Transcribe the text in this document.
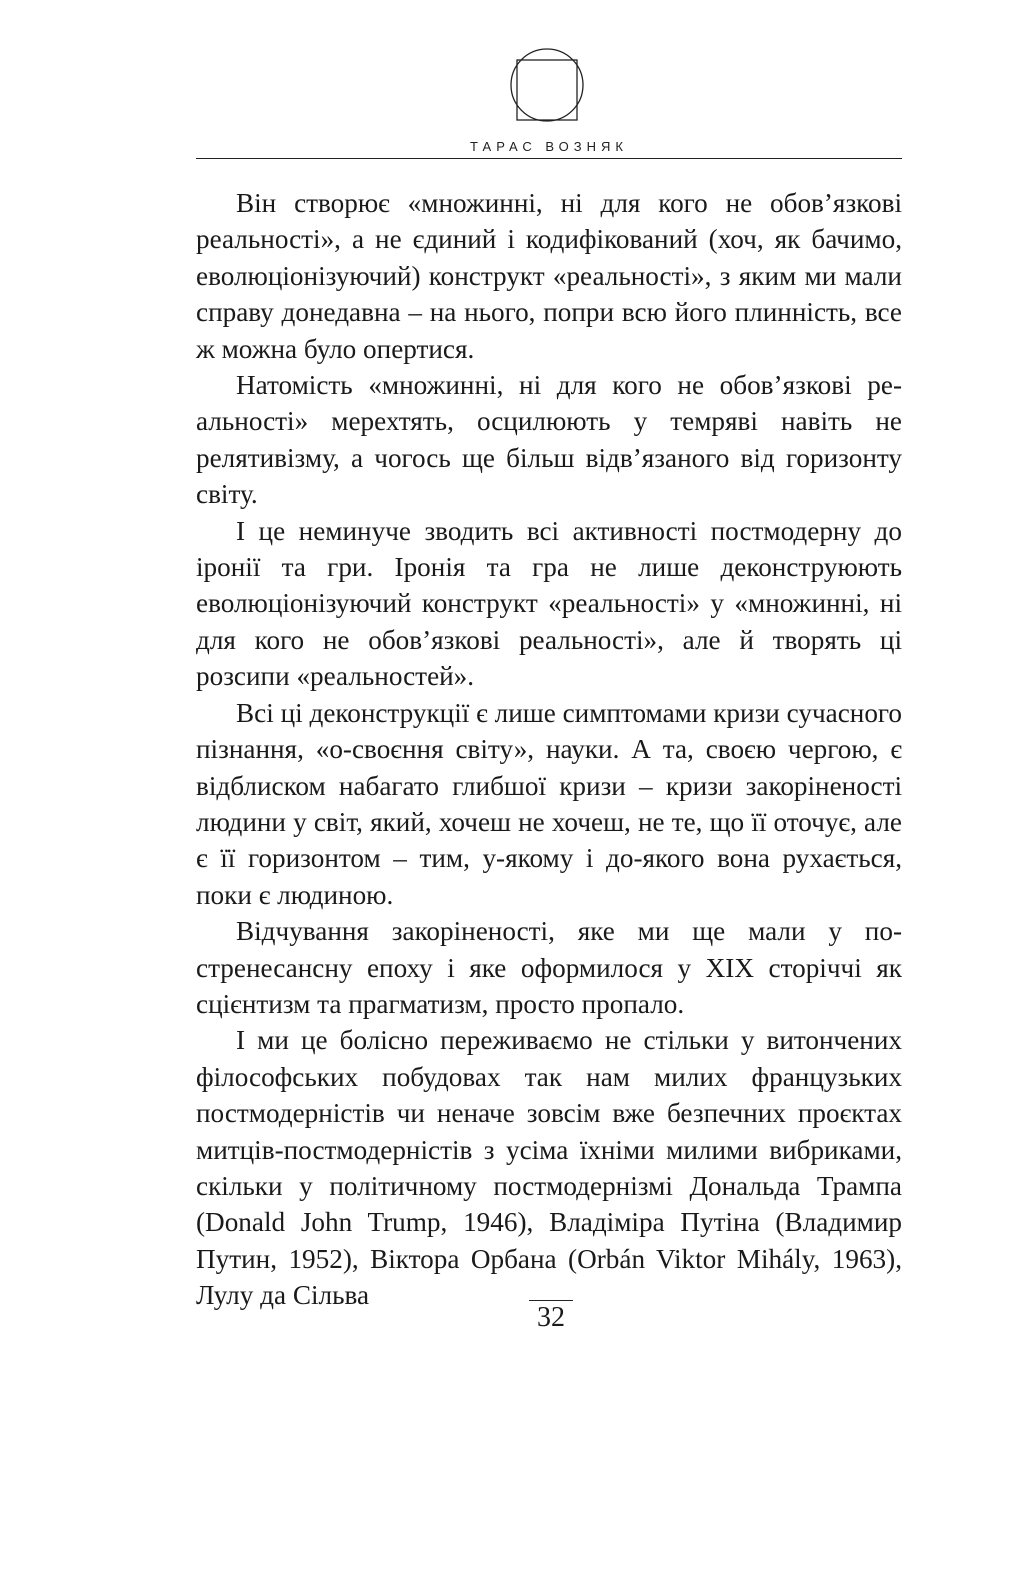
ТАРАС ВОЗНЯК

Він створює «множинні, ні для кого не обов’язкові реальності», а не єдиний і кодифікований (хоч, як бачимо, еволюціонізуючий) конструкт «реальності», з яким ми мали справу донедавна – на нього, попри всю його плинність, все ж можна було опертися.

Натомість «множинні, ні для кого не обов’язкові реальності» мерехтять, осцилюють у темряві навіть не релятивізму, а чогось ще більш відв’язаного від горизонту світу.

І це неминуче зводить всі активності постмодерну до іронії та гри. Іронія та гра не лише деконструюють еволюціонізуючий конструкт «реальності» у «множинні, ні для кого не обов’язкові реальності», але й творять ці розсипи «реальностей».

Всі ці деконструкції є лише симптомами кризи сучасного пізнання, «о-своєння світу», науки. А та, своєю чергою, є відблиском набагато глибшої кризи – кризи закоріненості людини у світ, який, хочеш не хочеш, не те, що її оточує, але є її горизонтом – тим, у-якому і до-якого вона рухається, поки є людиною.

Відчування закоріненості, яке ми ще мали у постренесансну епоху і яке оформилося у XIX сторіччі як сцієнтизм та прагматизм, просто пропало.

І ми це болісно переживаємо не стільки у витончених філософських побудовах так нам милих французьких постмодерністів чи неначе зовсім вже безпечних проєктах митців-постмодерністів з усіма їхніми милими вибриками, скільки у політичному постмодернізмі Дональда Трампа (Donald John Trump, 1946), Владіміра Путіна (Владимир Путин, 1952), Віктора Орбана (Orbán Viktor Mihály, 1963), Лулу да Сільва

32
